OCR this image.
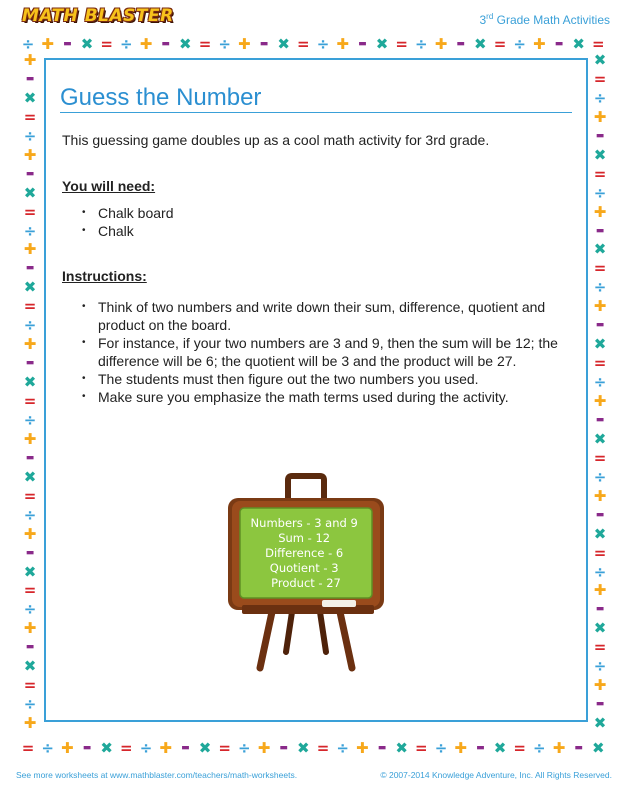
MATH BLASTER	3rd Grade Math Activities
÷ ✚	▬ ✖ = ÷ ✚	▬ ✖ = ÷ ✚	▬ ✖ = ÷ ✚	▬ ✖ = ÷ ✚	▬ ✖ = ÷ ✚	▬ ✖ =
= ÷ ✚	▬ ✖ = ÷ ✚	▬ ✖ = ÷ ✚	▬ ✖ = ÷ ✚	▬ ✖ = ÷ ✚	▬ ✖ = ÷ ✚	▬ ✖
✚
▬
✖
=
÷
✚
▬
✖
=
÷
✚
▬
✖
=
÷
✚
▬
✖
=
÷
✚
▬
✖
=
÷
✚
▬
✖
=
÷
✚
▬
✖
=
÷
✚
✖
=
÷
✚
▬
✖
=
÷
✚
▬
✖
=
÷
✚
▬
✖
=
÷
✚
▬
✖
=
÷
✚
▬
✖
=
÷
✚
▬
✖
=
÷
✚
▬
✖
Guess the Number
This guessing game doubles up as a cool math activity for 3rd grade.
You will need:
• Chalk board
• Chalk
Instructions:
• Think of two numbers and write down their sum, difference, quotient and product on the board.
• For instance, if your two numbers are 3 and 9, then the sum will be 12; the difference will be 6; the quotient will be 3 and the product will be 27.
• The students must then figure out the two numbers you used.
• Make sure you emphasize the math terms used during the activity.
Numbers - 3 and 9 Sum - 12 Difference - 6 Quotient - 3 Product - 27
See more worksheets at www.mathblaster.com/teachers/math-worksheets.	© 2007-2014 Knowledge Adventure, Inc. All Rights Reserved.
